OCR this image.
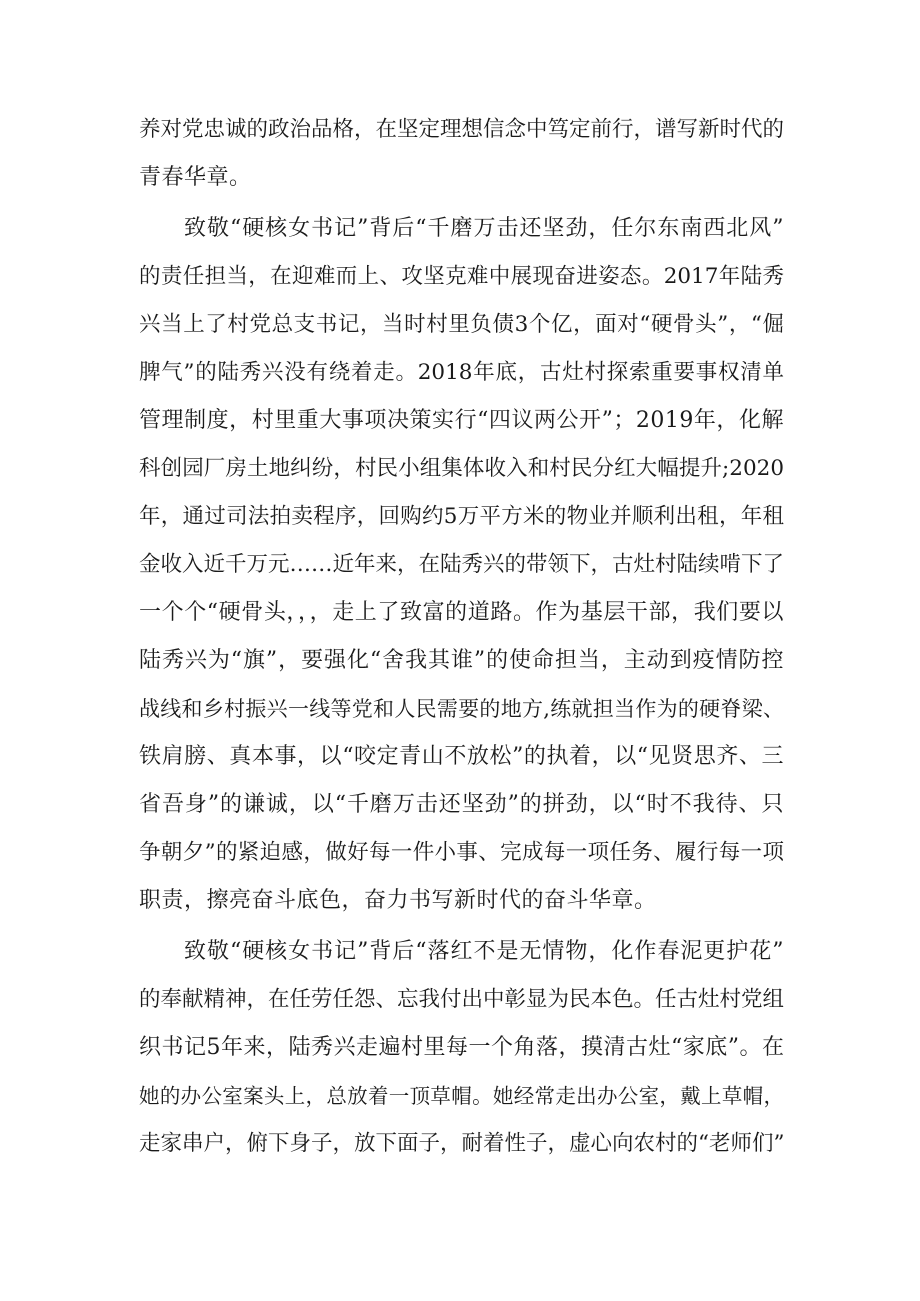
养对党忠诚的政治品格，在坚定理想信念中笃定前行，谱写新时代的
青春华章。
致敬“硬核女书记”背后“千磨万击还坚劲，任尔东南西北风”
的责任担当，在迎难而上、攻坚克难中展现奋进姿态。2017年陆秀
兴当上了村党总支书记，当时村里负债3个亿，面对“硬骨头”，“倔
脾气”的陆秀兴没有绕着走。2018年底，古灶村探索重要事权清单
管理制度，村里重大事项决策实行“四议两公开”；2019年，化解
科创园厂房土地纠纷，村民小组集体收入和村民分红大幅提升;2020
年，通过司法拍卖程序，回购约5万平方米的物业并顺利出租，年租
金收入近千万元……近年来，在陆秀兴的带领下，古灶村陆续啃下了
一个个“硬骨头，，，走上了致富的道路。作为基层干部，我们要以
陆秀兴为“旗”，要强化“舍我其谁”的使命担当，主动到疫情防控
战线和乡村振兴一线等党和人民需要的地方,练就担当作为的硬脊梁、
铁肩膀、真本事，以“咬定青山不放松”的执着，以“见贤思齐、三
省吾身”的谦诚，以“千磨万击还坚劲”的拼劲，以“时不我待、只
争朝夕”的紧迫感，做好每一件小事、完成每一项任务、履行每一项
职责，擦亮奋斗底色，奋力书写新时代的奋斗华章。
致敬“硬核女书记”背后“落红不是无情物，化作春泥更护花”
的奉献精神，在任劳任怨、忘我付出中彰显为民本色。任古灶村党组
织书记5年来，陆秀兴走遍村里每一个角落，摸清古灶“家底”。在
她的办公室案头上，总放着一顶草帽。她经常走出办公室，戴上草帽，
走家串户，俯下身子，放下面子，耐着性子，虚心向农村的“老师们”
